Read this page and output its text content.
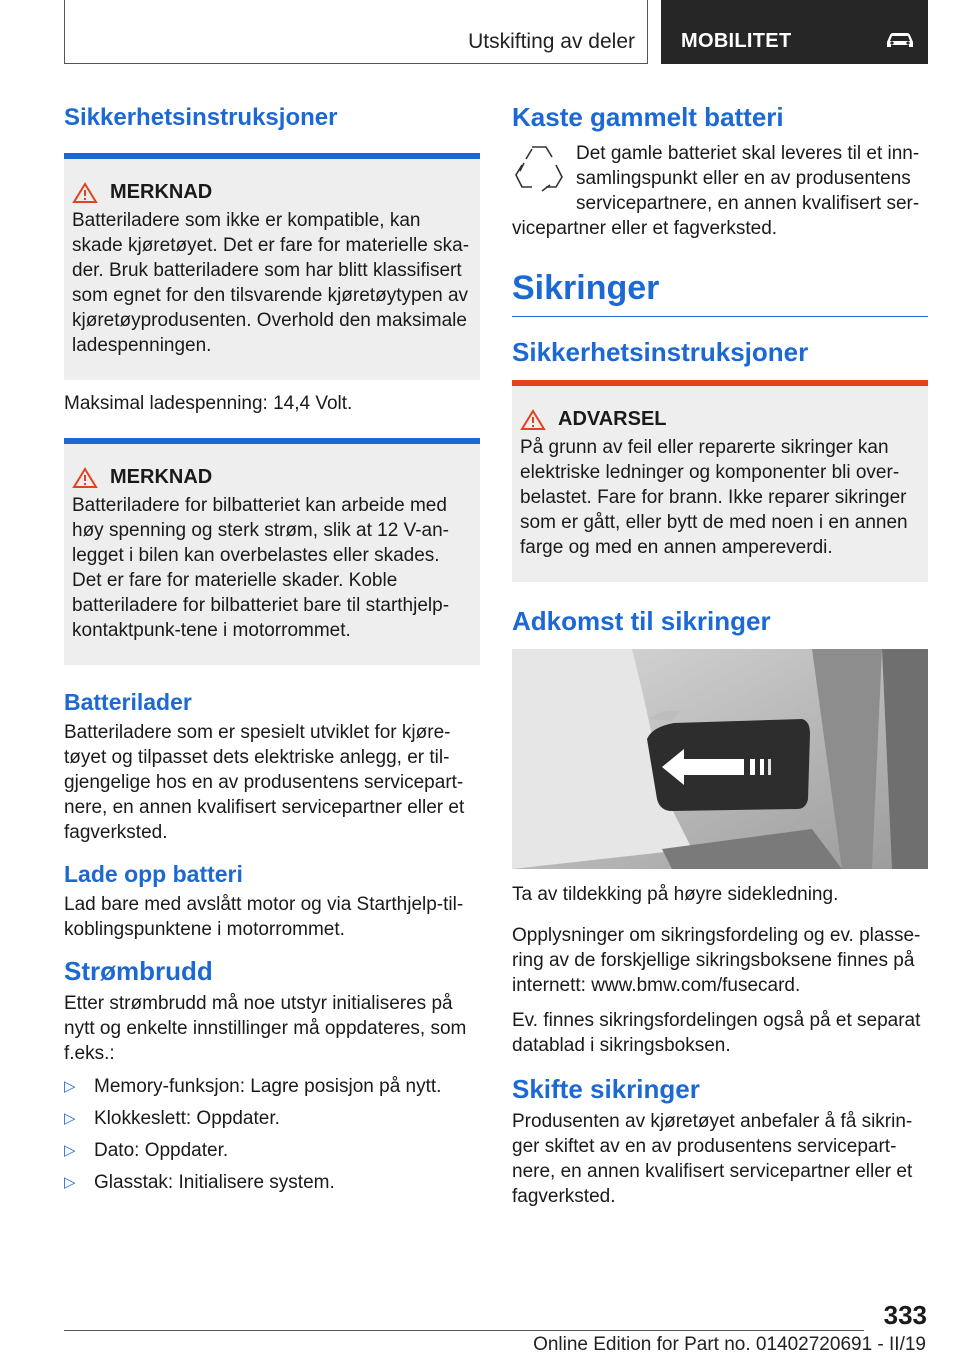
Utskifting av deler MOBILITET
Sikkerhetsinstruksjoner
MERKNAD

Batteriladere som ikke er kompatible, kan skade kjøretøyet. Det er fare for materielle ska-der. Bruk batteriladere som har blitt klassifisert som egnet for den tilsvarende kjøretøytypen av kjøretøyprodusenten. Overhold den maksimale ladespenningen.

Maksimal ladespenning: 14,4 Volt.

MERKNAD

Batteriladere for bilbatteriet kan arbeide med høy spenning og sterk strøm, slik at 12 V-an-legget i bilen kan overbelastes eller skades. Det er fare for materielle skader. Koble batteriladere for bilbatteriet bare til starthjelp-kontaktpunk-tene i motorrommet.

Batterilader

Batteriladere som er spesielt utviklet for kjøre-tøyet og tilpasset dets elektriske anlegg, er til-gjengelige hos en av produsentens servicepart-nere, en annen kvalifisert servicepartner eller et fagverksted.

Lade opp batteri

Lad bare med avslått motor og via Starthjelp-til-koblingspunktene i motorrommet.

Strømbrudd

Etter strømbrudd må noe utstyr initialiseres på nytt og enkelte innstillinger må oppdateres, som f.eks.:

▷ Memory-funksjon: Lagre posisjon på nytt.
▷ Klokkeslett: Oppdater.
▷ Dato: Oppdater.
▷ Glasstak: Initialisere system.
Kaste gammelt batteri

Det gamle batteriet skal leveres til et inn-samlingspunkt eller en av produsentens servicepartnere, en annen kvalifisert ser-

vicepartner eller et fagverksted.

Sikringer
Sikkerhetsinstruksjoner
ADVARSEL

På grunn av feil eller reparerte sikringer kan elektriske ledninger og komponenter bli over-belastet. Fare for brann. Ikke reparer sikringer som er gått, eller bytt de med noen i en annen farge og med en annen ampereverdi.

Adkomst til sikringer

Ta av tildekking på høyre sidekledning.

Opplysninger om sikringsfordeling og ev. plasse-ring av de forskjellige sikringsboksene finnes på internett: www.bmw.com/fusecard.

Ev. finnes sikringsfordelingen også på et separat datablad i sikringsboksen.

Skifte sikringer

Produsenten av kjøretøyet anbefaler å få sikrin-ger skiftet av en av produsentens servicepart-nere, en annen kvalifisert servicepartner eller et fagverksted.

333
Online Edition for Part no. 01402720691 - II/19
